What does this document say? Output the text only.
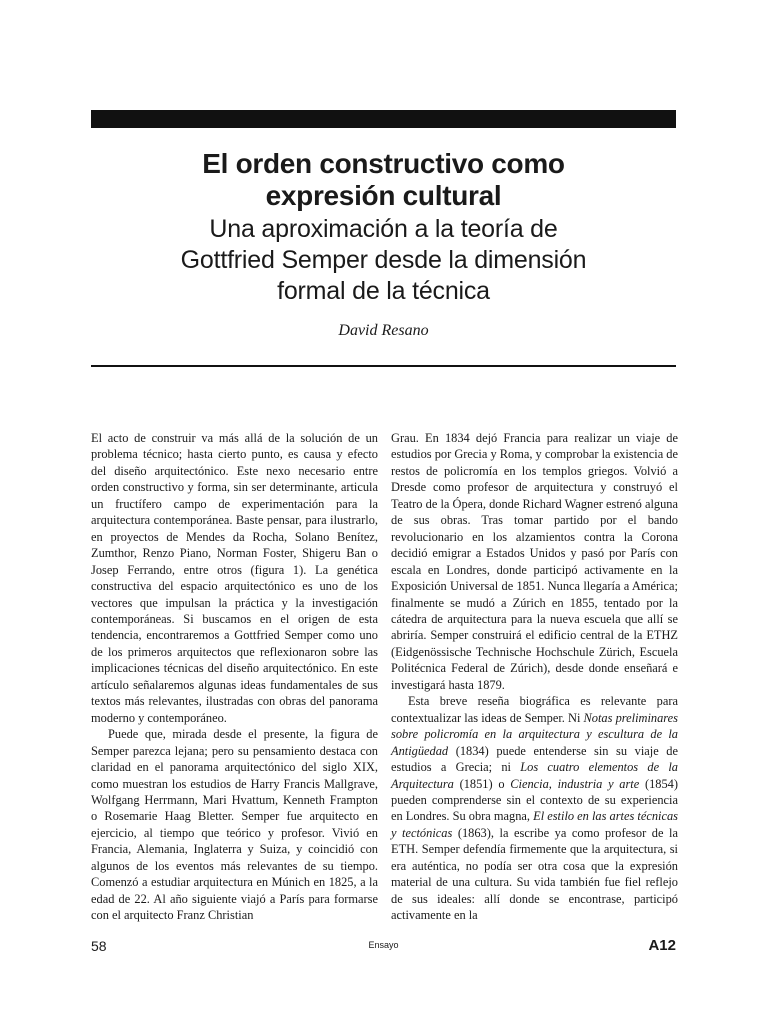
El orden constructivo como
expresión cultural
Una aproximación a la teoría de
Gottfried Semper desde la dimensión
formal de la técnica
David Resano

El acto de construir va más allá de la solución de un problema técnico; hasta cierto punto, es causa y efecto del diseño arquitectónico. Este nexo necesario entre orden constructivo y forma, sin ser determinante, articula un fructífero campo de experimentación para la arquitectura contemporánea. Baste pensar, para ilustrarlo, en proyectos de Mendes da Rocha, Solano Benítez, Zumthor, Renzo Piano, Norman Foster, Shigeru Ban o Josep Ferrando, entre otros (figura 1). La genética constructiva del espacio arquitectónico es uno de los vectores que impulsan la práctica y la investigación contemporáneas. Si buscamos en el origen de esta tendencia, encontraremos a Gottfried Semper como uno de los primeros arquitectos que reflexionaron sobre las implicaciones técnicas del diseño arquitectónico. En este artículo señalaremos algunas ideas fundamentales de sus textos más relevantes, ilustradas con obras del panorama moderno y contemporáneo.

Puede que, mirada desde el presente, la figura de Semper parezca lejana; pero su pensamiento destaca con claridad en el panorama arquitectónico del siglo XIX, como muestran los estudios de Harry Francis Mallgrave, Wolfgang Herrmann, Mari Hvattum, Kenneth Frampton o Rosemarie Haag Bletter. Semper fue arquitecto en ejercicio, al tiempo que teórico y profesor. Vivió en Francia, Alemania, Inglaterra y Suiza, y coincidió con algunos de los eventos más relevantes de su tiempo. Comenzó a estudiar arquitectura en Múnich en 1825, a la edad de 22. Al año siguiente viajó a París para formarse con el arquitecto Franz Christian

Grau. En 1834 dejó Francia para realizar un viaje de estudios por Grecia y Roma, y comprobar la existencia de restos de policromía en los templos griegos. Volvió a Dresde como profesor de arquitectura y construyó el Teatro de la Ópera, donde Richard Wagner estrenó alguna de sus obras. Tras tomar partido por el bando revolucionario en los alzamientos contra la Corona decidió emigrar a Estados Unidos y pasó por París con escala en Londres, donde participó activamente en la Exposición Universal de 1851. Nunca llegaría a América; finalmente se mudó a Zúrich en 1855, tentado por la cátedra de arquitectura para la nueva escuela que allí se abriría. Semper construirá el edificio central de la ETHZ (Eidgenössische Technische Hochschule Zürich, Escuela Politécnica Federal de Zúrich), desde donde enseñará e investigará hasta 1879.

Esta breve reseña biográfica es relevante para contextualizar las ideas de Semper. Ni Notas preliminares sobre policromía en la arquitectura y escultura de la Antigüedad (1834) puede entenderse sin su viaje de estudios a Grecia; ni Los cuatro elementos de la Arquitectura (1851) o Ciencia, industria y arte (1854) pueden comprenderse sin el contexto de su experiencia en Londres. Su obra magna, El estilo en las artes técnicas y tectónicas (1863), la escribe ya como profesor de la ETH. Semper defendía firmemente que la arquitectura, si era auténtica, no podía ser otra cosa que la expresión material de una cultura. Su vida también fue fiel reflejo de sus ideales: allí donde se encontrase, participó activamente en la

58	Ensayo	A12
